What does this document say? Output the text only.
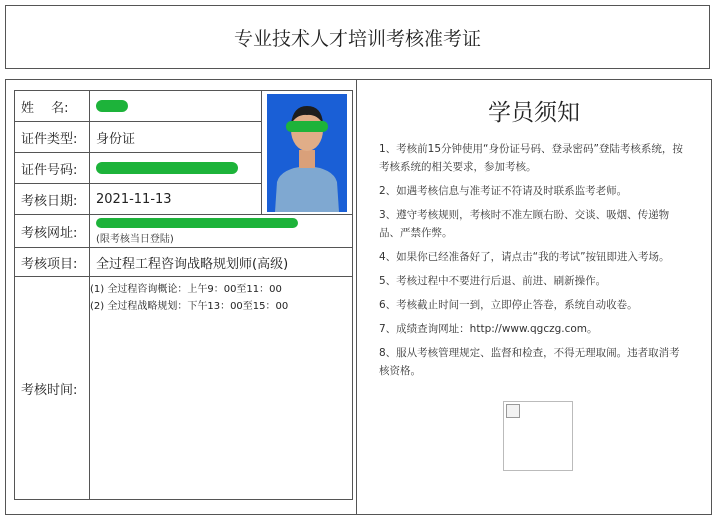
专业技术人才培训考核准考证
姓　 名:		

证件类型:	身份证	
证件号码:		
考核日期:	2021-11-13	
考核网址:	(限考核当日登陆)	

考核项目:	全过程工程咨询战略规划师(高级)	
考核时间:	(1) 全过程咨询概论：上午9：00至11：00
(2) 全过程战略规划：下午13：00至15：00	
学员须知
1、考核前15分钟使用“身份证号码、登录密码”登陆考核系统，按考核系统的相关要求，参加考核。
2、如遇考核信息与准考证不符请及时联系监考老师。
3、遵守考核规则，考核时不准左顾右盼、交谈、吸烟、传递物品、严禁作弊。
4、如果你已经准备好了，请点击“我的考试”按钮即进入考场。
5、考核过程中不要进行后退、前进、刷新操作。
6、考核截止时间一到，立即停止答卷，系统自动收卷。
7、成绩查询网址：http://www.qgczg.com。
8、服从考核管理规定、监督和检查，不得无理取闹。违者取消考核资格。
